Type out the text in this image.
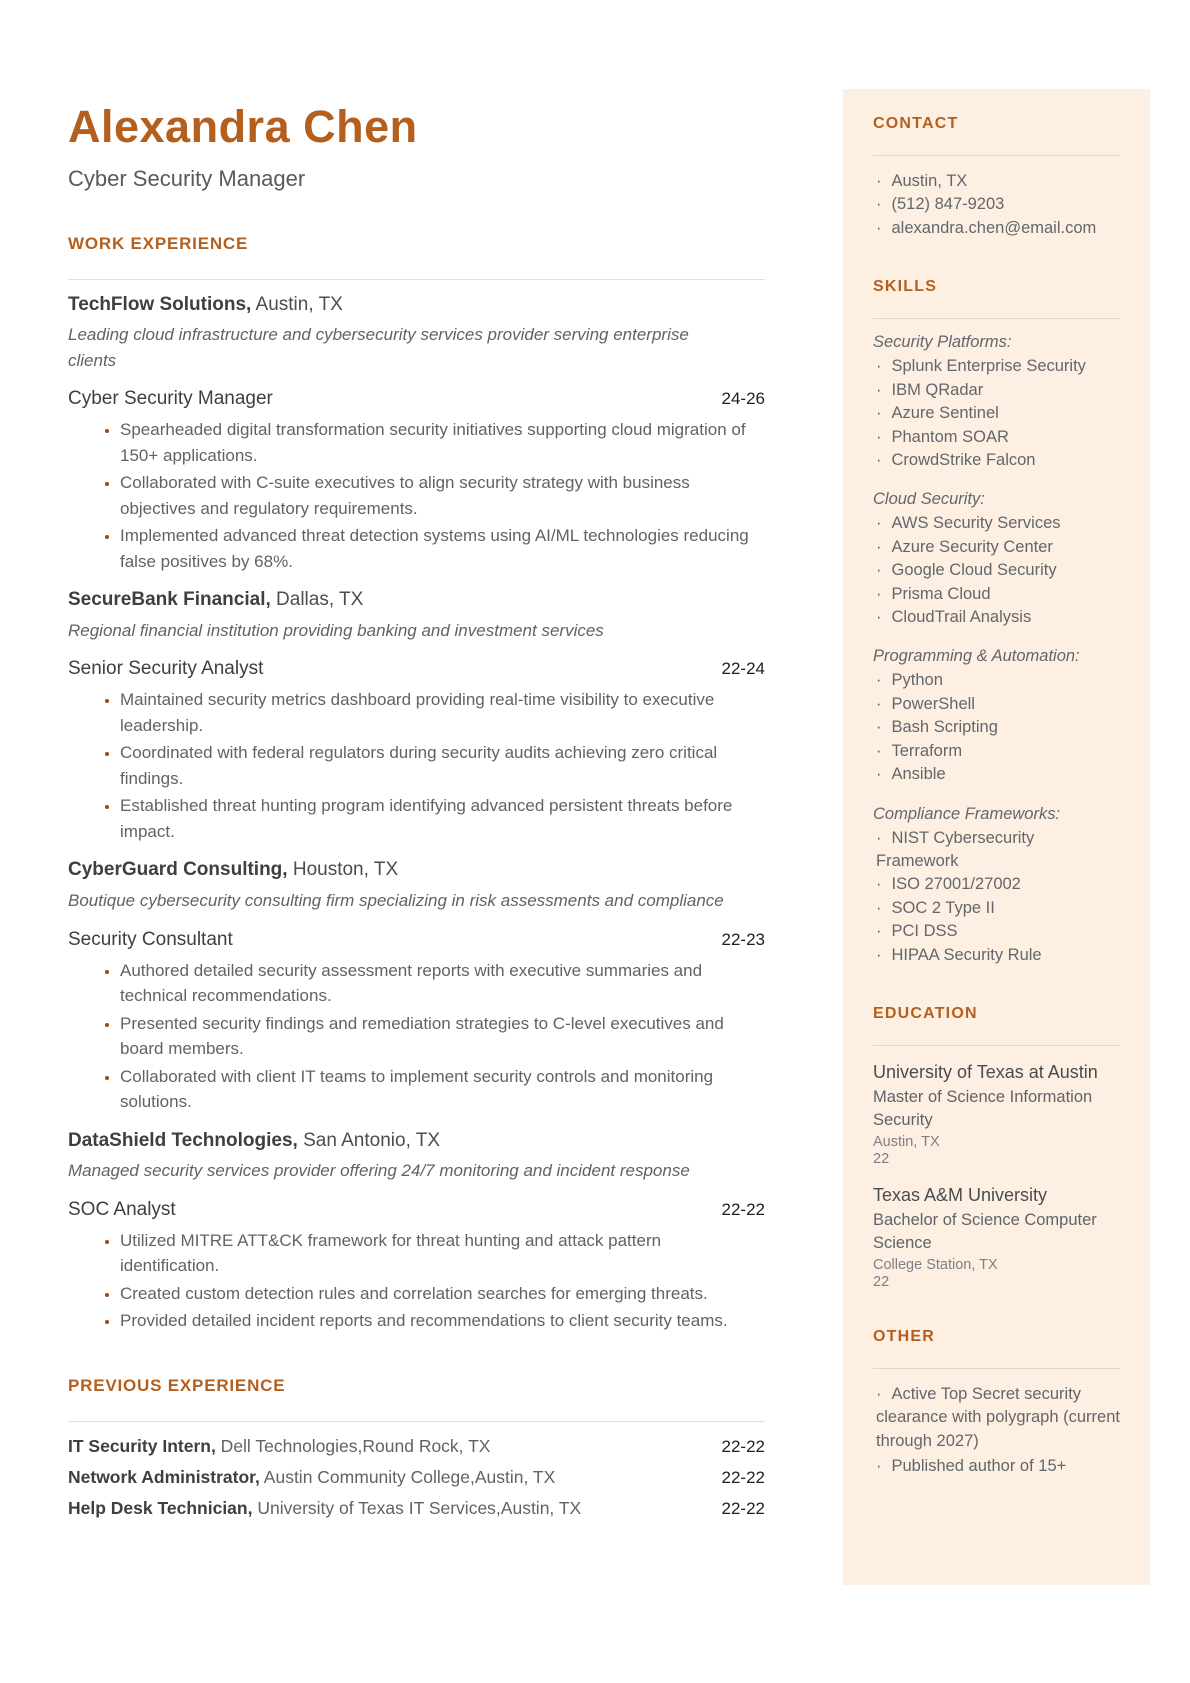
Alexandra Chen
Cyber Security Manager
WORK EXPERIENCE
TechFlow Solutions, Austin, TX
Leading cloud infrastructure and cybersecurity services provider serving enterprise clients
Cyber Security Manager	24-26
• Spearheaded digital transformation security initiatives supporting cloud migration of 150+ applications.
• Collaborated with C-suite executives to align security strategy with business objectives and regulatory requirements.
• Implemented advanced threat detection systems using AI/ML technologies reducing false positives by 68%.
SecureBank Financial, Dallas, TX
Regional financial institution providing banking and investment services
Senior Security Analyst	22-24
• Maintained security metrics dashboard providing real-time visibility to executive leadership.
• Coordinated with federal regulators during security audits achieving zero critical findings.
• Established threat hunting program identifying advanced persistent threats before impact.
CyberGuard Consulting, Houston, TX
Boutique cybersecurity consulting firm specializing in risk assessments and compliance
Security Consultant	22-23
• Authored detailed security assessment reports with executive summaries and technical recommendations.
• Presented security findings and remediation strategies to C-level executives and board members.
• Collaborated with client IT teams to implement security controls and monitoring solutions.
DataShield Technologies, San Antonio, TX
Managed security services provider offering 24/7 monitoring and incident response
SOC Analyst	22-22
• Utilized MITRE ATT&CK framework for threat hunting and attack pattern identification.
• Created custom detection rules and correlation searches for emerging threats.
• Provided detailed incident reports and recommendations to client security teams.
PREVIOUS EXPERIENCE
IT Security Intern, Dell Technologies,Round Rock, TX	22-22
Network Administrator, Austin Community College,Austin, TX	22-22
Help Desk Technician, University of Texas IT Services,Austin, TX	22-22
CONTACT
· Austin, TX
· (512) 847-9203
· alexandra.chen@email.com
SKILLS
Security Platforms:
· Splunk Enterprise Security
· IBM QRadar
· Azure Sentinel
· Phantom SOAR
· CrowdStrike Falcon
Cloud Security:
· AWS Security Services
· Azure Security Center
· Google Cloud Security
· Prisma Cloud
· CloudTrail Analysis
Programming & Automation:
· Python
· PowerShell
· Bash Scripting
· Terraform
· Ansible
Compliance Frameworks:
· NIST Cybersecurity Framework
· ISO 27001/27002
· SOC 2 Type II
· PCI DSS
· HIPAA Security Rule
EDUCATION
University of Texas at Austin
Master of Science Information Security
Austin, TX
22
Texas A&M University
Bachelor of Science Computer Science
College Station, TX
22
OTHER
· Active Top Secret security clearance with polygraph (current through 2027)
· Published author of 15+
